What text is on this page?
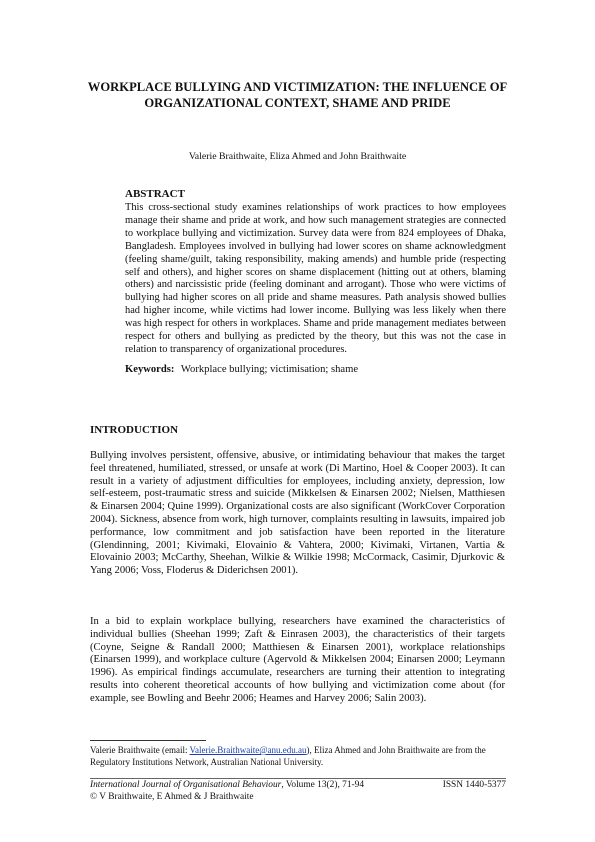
WORKPLACE BULLYING AND VICTIMIZATION: THE INFLUENCE OF ORGANIZATIONAL CONTEXT, SHAME AND PRIDE
Valerie Braithwaite, Eliza Ahmed and John Braithwaite
ABSTRACT

This cross-sectional study examines relationships of work practices to how employees manage their shame and pride at work, and how such management strategies are connected to workplace bullying and victimization. Survey data were from 824 employees of Dhaka, Bangladesh. Employees involved in bullying had lower scores on shame acknowledgment (feeling shame/guilt, taking responsibility, making amends) and humble pride (respecting self and others), and higher scores on shame displacement (hitting out at others, blaming others) and narcissistic pride (feeling dominant and arrogant). Those who were victims of bullying had higher scores on all pride and shame measures. Path analysis showed bullies had higher income, while victims had lower income. Bullying was less likely when there was high respect for others in workplaces. Shame and pride management mediates between respect for others and bullying as predicted by the theory, but this was not the case in relation to transparency of organizational procedures.

Keywords: Workplace bullying; victimisation; shame
INTRODUCTION

Bullying involves persistent, offensive, abusive, or intimidating behaviour that makes the target feel threatened, humiliated, stressed, or unsafe at work (Di Martino, Hoel & Cooper 2003). It can result in a variety of adjustment difficulties for employees, including anxiety, depression, low self-esteem, post-traumatic stress and suicide (Mikkelsen & Einarsen 2002; Nielsen, Matthiesen & Einarsen 2004; Quine 1999). Organizational costs are also significant (WorkCover Corporation 2004). Sickness, absence from work, high turnover, complaints resulting in lawsuits, impaired job performance, low commitment and job satisfaction have been reported in the literature (Glendinning, 2001; Kivimaki, Elovainio & Vahtera, 2000; Kivimaki, Virtanen, Vartia & Elovainio 2003; McCarthy, Sheehan, Wilkie & Wilkie 1998; McCormack, Casimir, Djurkovic & Yang 2006; Voss, Floderus & Diderichsen 2001).

In a bid to explain workplace bullying, researchers have examined the characteristics of individual bullies (Sheehan 1999; Zaft & Einrasen 2003), the characteristics of their targets (Coyne, Seigne & Randall 2000; Matthiesen & Einarsen 2001), workplace relationships (Einarsen 1999), and workplace culture (Agervold & Mikkelsen 2004; Einarsen 2000; Leymann 1996). As empirical findings accumulate, researchers are turning their attention to integrating results into coherent theoretical accounts of how bullying and victimization come about (for example, see Bowling and Beehr 2006; Heames and Harvey 2006; Salin 2003).

Valerie Braithwaite (email: Valerie.Braithwaite@anu.edu.au), Eliza Ahmed and John Braithwaite are from the Regulatory Institutions Network, Australian National University.

International Journal of Organisational Behaviour, Volume 13(2), 71-94	ISSN 1440-5377
© V Braithwaite, E Ahmed & J Braithwaite
